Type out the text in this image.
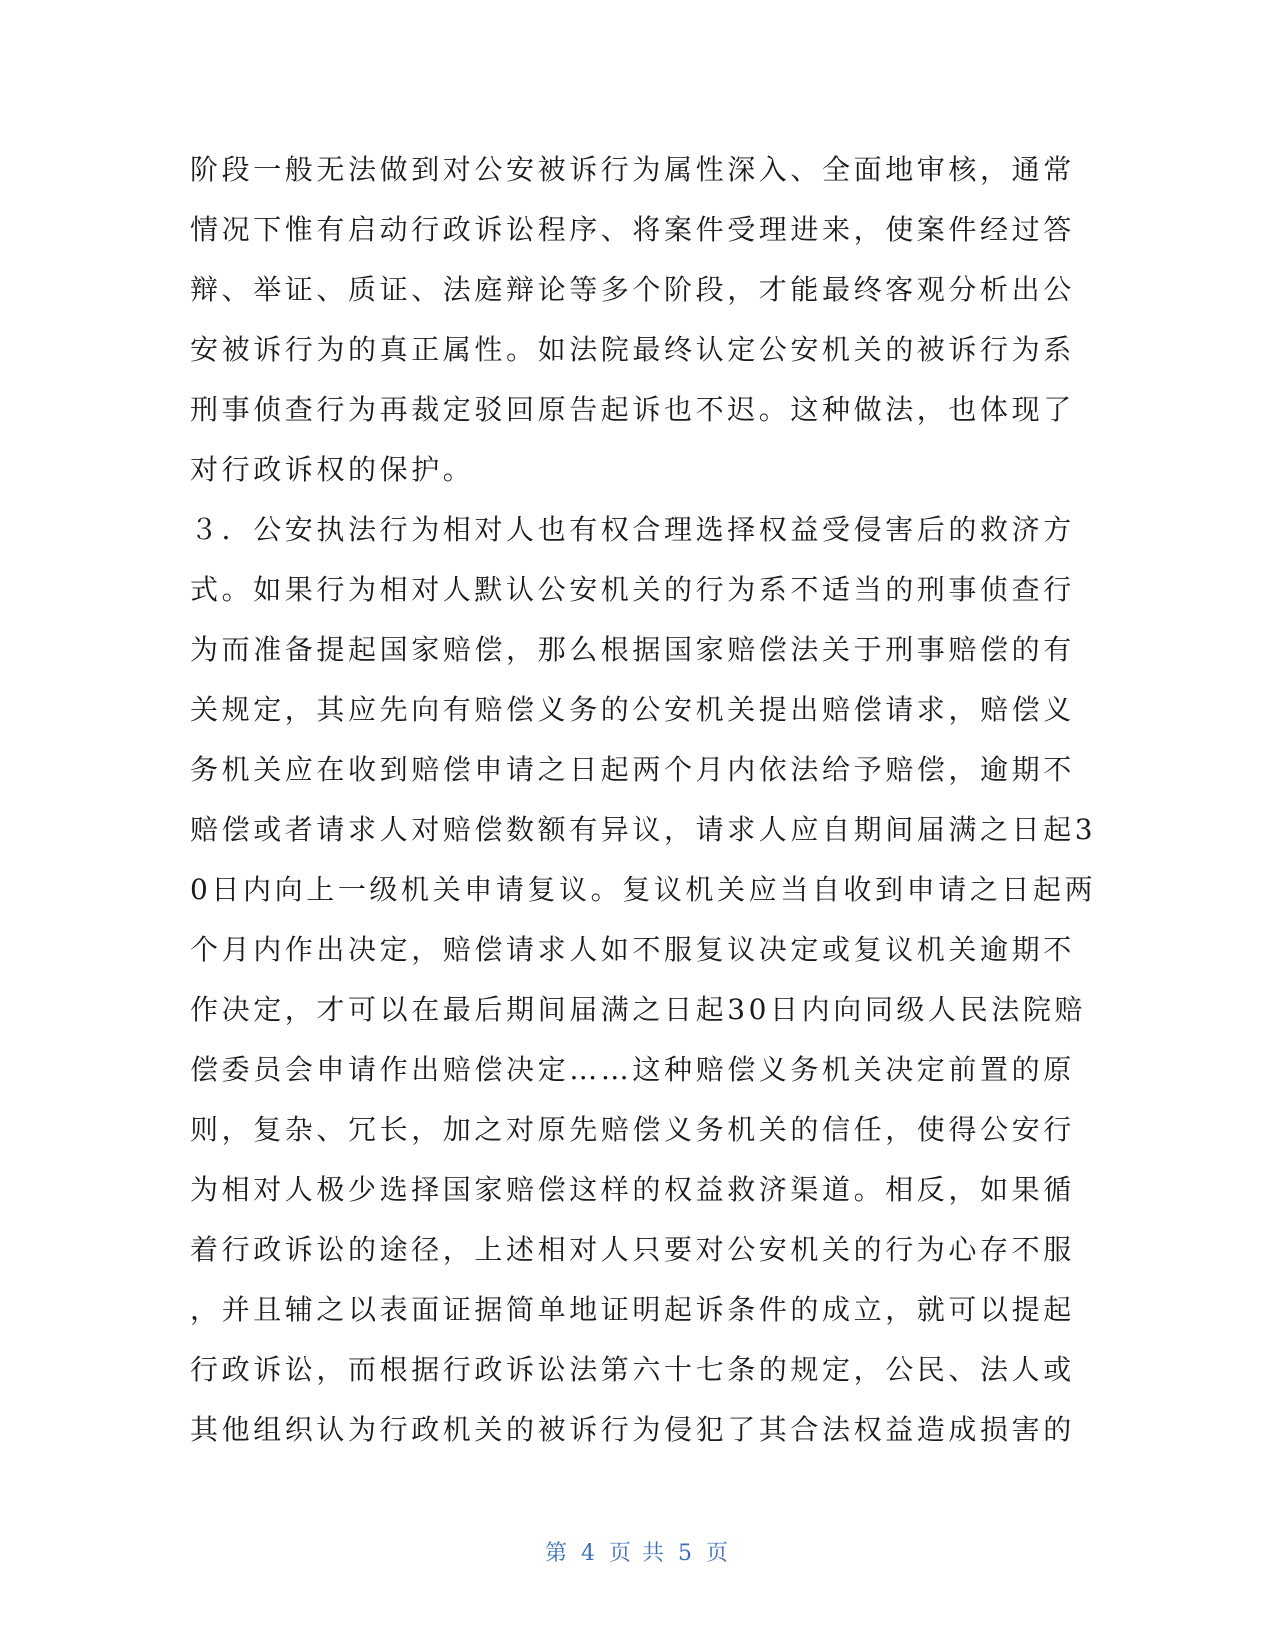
阶段一般无法做到对公安被诉行为属性深入、全面地审核，通常
情况下惟有启动行政诉讼程序、将案件受理进来，使案件经过答
辩、举证、质证、法庭辩论等多个阶段，才能最终客观分析出公
安被诉行为的真正属性。如法院最终认定公安机关的被诉行为系
刑事侦查行为再裁定驳回原告起诉也不迟。这种做法，也体现了
对行政诉权的保护。
３．公安执法行为相对人也有权合理选择权益受侵害后的救济方
式。如果行为相对人默认公安机关的行为系不适当的刑事侦查行
为而准备提起国家赔偿，那么根据国家赔偿法关于刑事赔偿的有
关规定，其应先向有赔偿义务的公安机关提出赔偿请求，赔偿义
务机关应在收到赔偿申请之日起两个月内依法给予赔偿，逾期不
赔偿或者请求人对赔偿数额有异议，请求人应自期间届满之日起3
0日内向上一级机关申请复议。复议机关应当自收到申请之日起两
个月内作出决定，赔偿请求人如不服复议决定或复议机关逾期不
作决定，才可以在最后期间届满之日起30日内向同级人民法院赔
偿委员会申请作出赔偿决定……这种赔偿义务机关决定前置的原
则，复杂、冗长，加之对原先赔偿义务机关的信任，使得公安行
为相对人极少选择国家赔偿这样的权益救济渠道。相反，如果循
着行政诉讼的途径，上述相对人只要对公安机关的行为心存不服
，并且辅之以表面证据简单地证明起诉条件的成立，就可以提起
行政诉讼，而根据行政诉讼法第六十七条的规定，公民、法人或
其他组织认为行政机关的被诉行为侵犯了其合法权益造成损害的
第 4 页 共 5 页
